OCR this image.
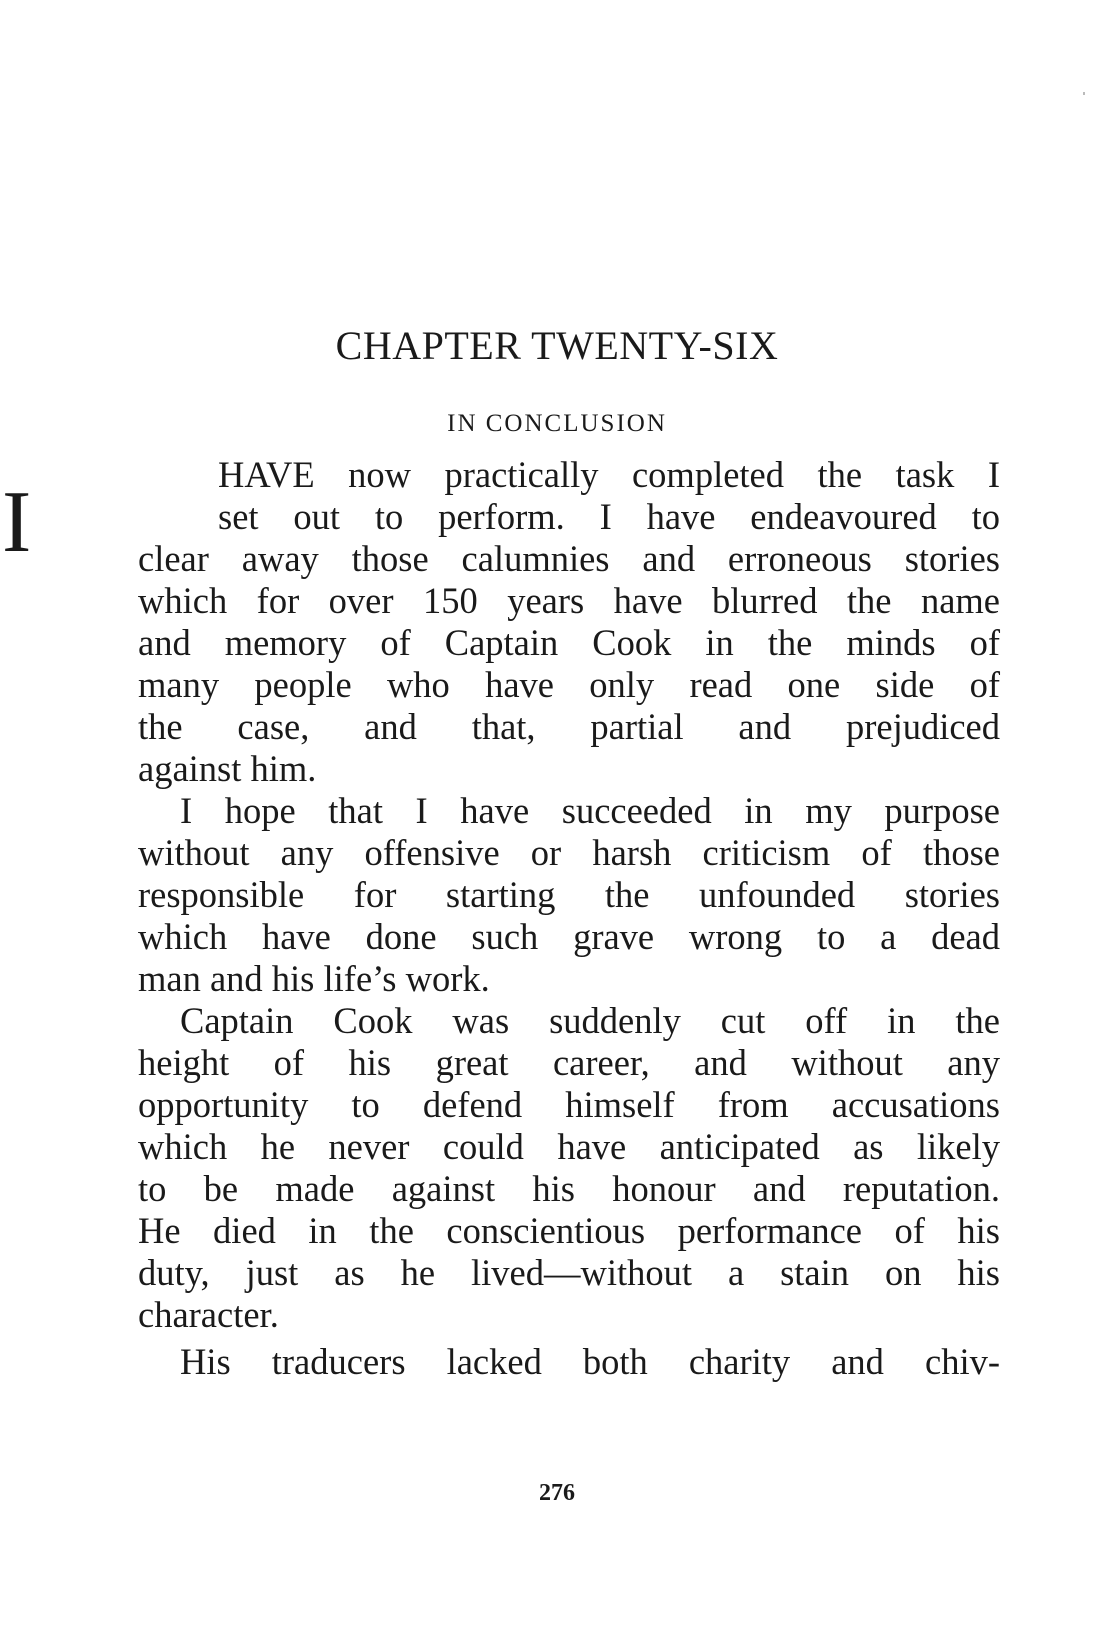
CHAPTER TWENTY-SIX
IN CONCLUSION
I	HAVE now practically completed the task I
set out to perform. I have endeavoured to
clear away those calumnies and erroneous stories
which for over 150 years have blurred the name
and memory of Captain Cook in the minds of
many people who have only read one side of
the case, and that, partial and prejudiced
against him.
I hope that I have succeeded in my purpose
without any offensive or harsh criticism of those
responsible for starting the unfounded stories
which have done such grave wrong to a dead
man and his life’s work.
Captain Cook was suddenly cut off in the
height of his great career, and without any
opportunity to defend himself from accusations
which he never could have anticipated as likely
to be made against his honour and reputation.
He died in the conscientious performance of his
duty, just as he lived—without a stain on his
character.
His traducers lacked both charity and chiv-

276
